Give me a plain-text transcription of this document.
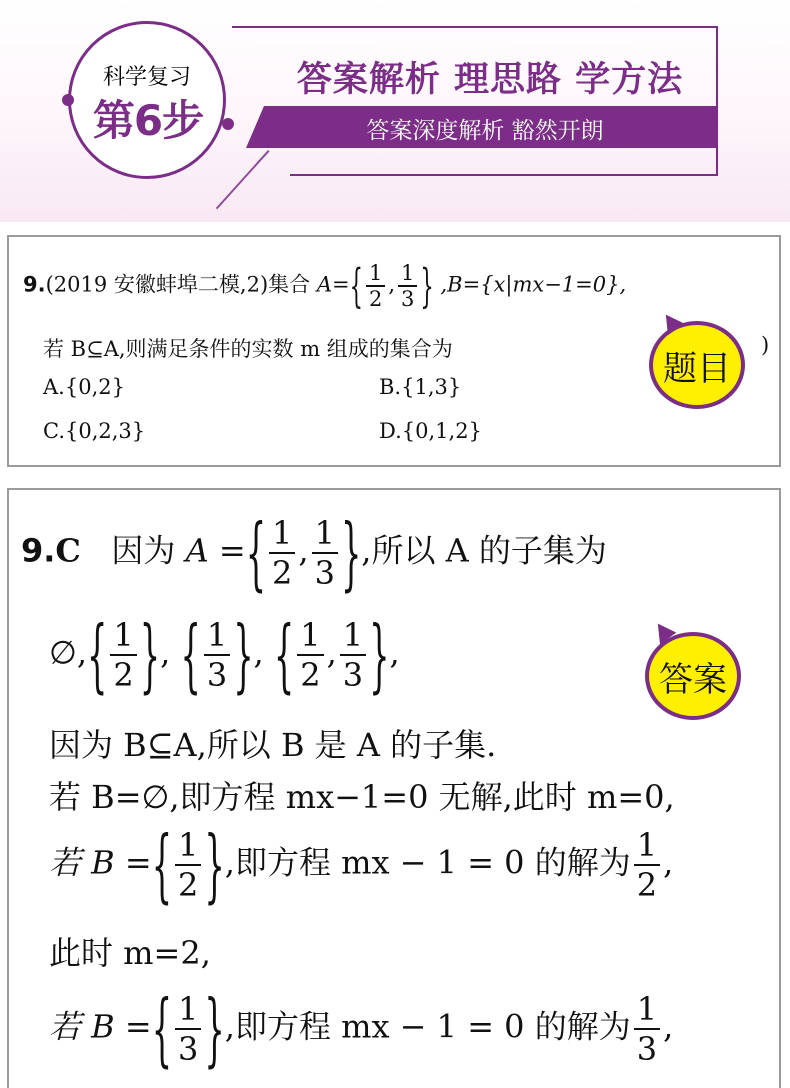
科学复习
第6步
答案解析 理思路 学方法
答案深度解析 豁然开朗
9.(2019 安徽蚌埠二模,2)集合 $A=\{ \frac{1}{2}$ , $\frac{1}{3}$ } ,B={x|mx−1=0},
若 B⊆A,则满足条件的实数 m 组成的集合为	)
A.{0,2}	B.{1,3}
C.{0,2,3}	D.{0,1,2}
题目
9.C 因为 A ={ $\frac{1}{2}$ , $\frac{1}{3}$ },所以 A 的子集为
∅,{ $\frac{1}{2}$ }, { $\frac{1}{3}$ }, { $\frac{1}{2}$ , $\frac{1}{3}$ },
因为 B⊆A,所以 B 是 A 的子集.
若 B=∅,即方程 mx−1=0 无解,此时 m=0,
若 B ={ $\frac{1}{2}$ },即方程 mx − 1 = 0 的解为 $\frac{1}{2}$ ,
此时 m=2,
若 B ={ $\frac{1}{3}$ },即方程 mx − 1 = 0 的解为 $\frac{1}{3}$ ,
答案
